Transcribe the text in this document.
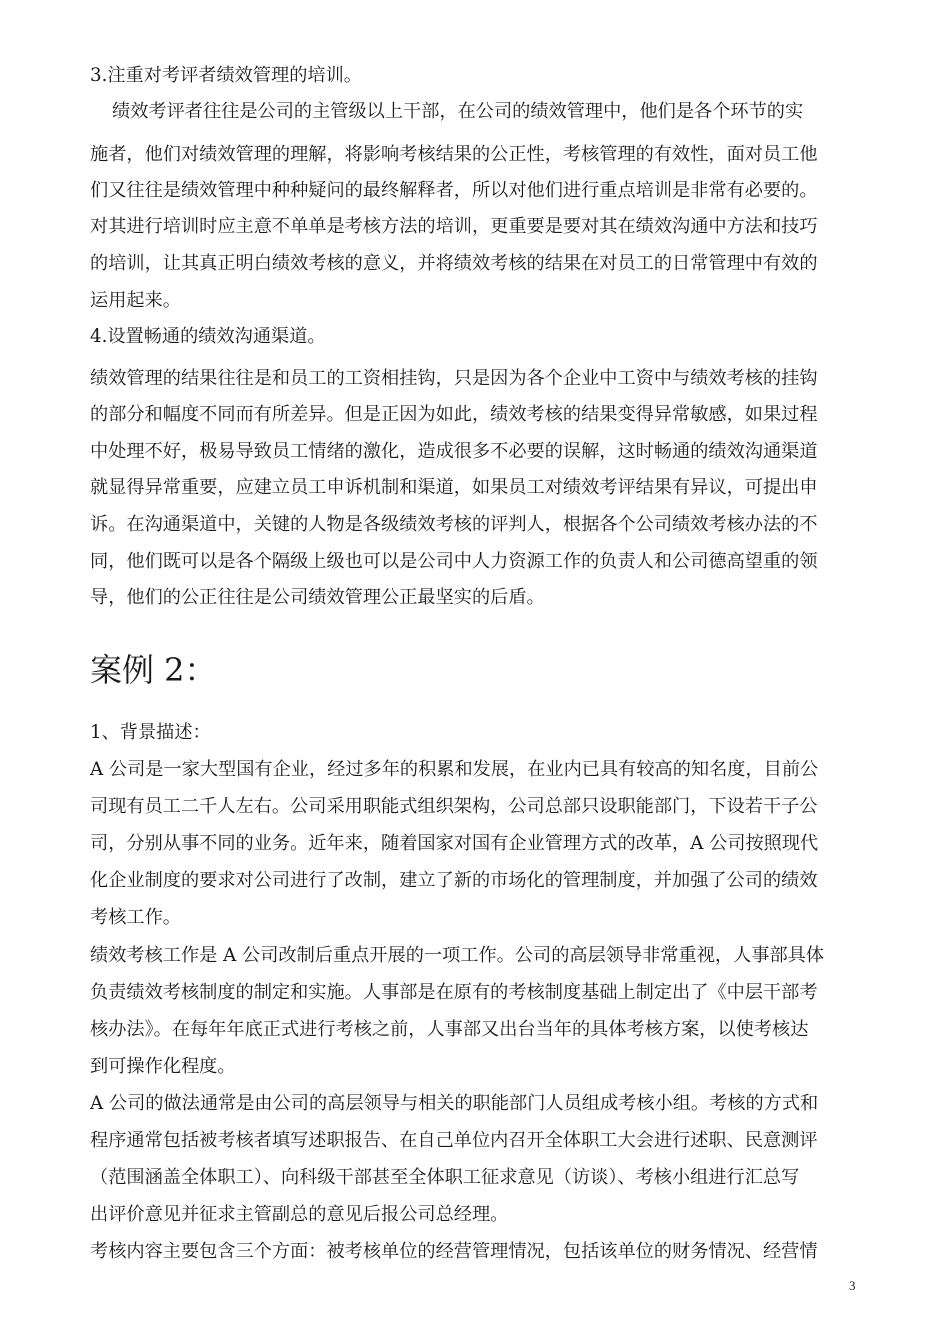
3.注重对考评者绩效管理的培训。
绩效考评者往往是公司的主管级以上干部，在公司的绩效管理中，他们是各个环节的实
施者，他们对绩效管理的理解，将影响考核结果的公正性，考核管理的有效性，面对员工他
们又往往是绩效管理中种种疑问的最终解释者，所以对他们进行重点培训是非常有必要的。
对其进行培训时应主意不单单是考核方法的培训，更重要是要对其在绩效沟通中方法和技巧
的培训，让其真正明白绩效考核的意义，并将绩效考核的结果在对员工的日常管理中有效的
运用起来。
4.设置畅通的绩效沟通渠道。
绩效管理的结果往往是和员工的工资相挂钩，只是因为各个企业中工资中与绩效考核的挂钩
的部分和幅度不同而有所差异。但是正因为如此，绩效考核的结果变得异常敏感，如果过程
中处理不好，极易导致员工情绪的激化，造成很多不必要的误解，这时畅通的绩效沟通渠道
就显得异常重要，应建立员工申诉机制和渠道，如果员工对绩效考评结果有异议，可提出申
诉。在沟通渠道中，关键的人物是各级绩效考核的评判人，根据各个公司绩效考核办法的不
同，他们既可以是各个隔级上级也可以是公司中人力资源工作的负责人和公司德高望重的领
导，他们的公正往往是公司绩效管理公正最坚实的后盾。
案例 2：
1、背景描述：
A 公司是一家大型国有企业，经过多年的积累和发展，在业内已具有较高的知名度，目前公
司现有员工二千人左右。公司采用职能式组织架构，公司总部只设职能部门，下设若干子公
司，分别从事不同的业务。近年来，随着国家对国有企业管理方式的改革，A 公司按照现代
化企业制度的要求对公司进行了改制，建立了新的市场化的管理制度，并加强了公司的绩效
考核工作。
绩效考核工作是 A 公司改制后重点开展的一项工作。公司的高层领导非常重视，人事部具体
负责绩效考核制度的制定和实施。人事部是在原有的考核制度基础上制定出了《中层干部考
核办法》。在每年年底正式进行考核之前，人事部又出台当年的具体考核方案，以使考核达
到可操作化程度。
A 公司的做法通常是由公司的高层领导与相关的职能部门人员组成考核小组。考核的方式和
程序通常包括被考核者填写述职报告、在自己单位内召开全体职工大会进行述职、民意测评
（范围涵盖全体职工）、向科级干部甚至全体职工征求意见（访谈）、考核小组进行汇总写
出评价意见并征求主管副总的意见后报公司总经理。
考核内容主要包含三个方面：被考核单位的经营管理情况，包括该单位的财务情况、经营情
3
